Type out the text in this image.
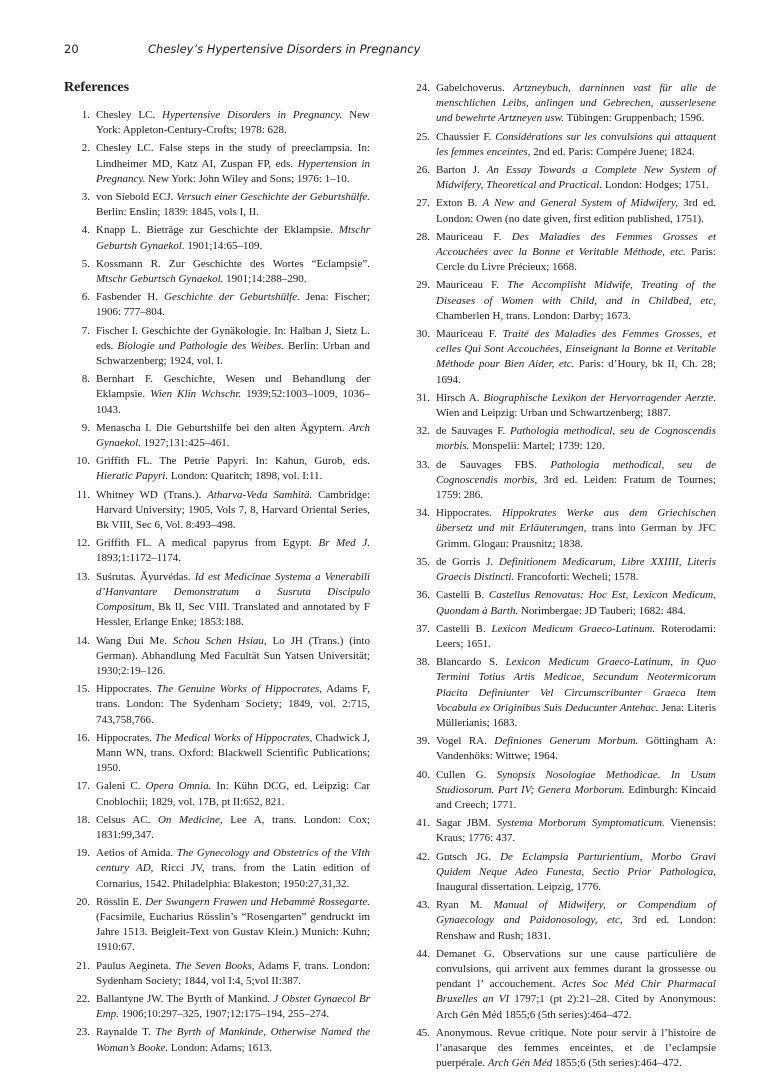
20	Chesley’s Hypertensive Disorders in Pregnancy
References
1. Chesley LC. Hypertensive Disorders in Pregnancy. New York: Appleton-Century-Crofts; 1978: 628.
2. Chesley LC. False steps in the study of preeclampsia. In: Lindheimer MD, Katz AI, Zuspan FP, eds. Hypertension in Pregnancy. New York: John Wiley and Sons; 1976: 1–10.
3. von Siebold ECJ. Versuch einer Geschichte der Geburtshülfe. Berlin: Enslin; 1839: 1845, vols I, II.
4. Knapp L. Bieträge zur Geschichte der Eklampsie. Mtschr Geburtsh Gynaekol. 1901;14:65–109.
5. Kossmann R. Zur Geschichte des Wortes “Eclampsie”. Mtschr Geburtsch Gynaekol. 1901;14:288–290.
6. Fasbender H. Geschichte der Geburtshülfe. Jena: Fischer; 1906: 777–804.
7. Fischer I. Geschichte der Gynäkologie. In: Halban J, Sietz L. eds. Biologie und Pathologie des Weibes. Berlin: Urban and Schwarzenberg; 1924, vol. I.
8. Bernhart F. Geschichte, Wesen und Behandlung der Eklampsie. Wien Klin Wchschr. 1939;52:1003–1009, 1036–1043.
9. Menascha I. Die Geburtshilfe bei den alten Ägyptern. Arch Gynaekol. 1927;131:425–461.
10. Griffith FL. The Petrie Papyri. In: Kahun, Gurob, eds. Hieratic Papyri. London: Quaritch; 1898, vol. I:11.
11. Whitney WD (Trans.). Atharva-Veda Samhitä. Cambridge: Harvard University; 1905, Vols 7, 8, Harvard Oriental Series, Bk VIII, Sec 6, Vol. 8:493–498.
12. Griffith FL. A medical papyrus from Egypt. Br Med J. 1893;1:1172–1174.
13. Suśrutas. Ăyurvédas. Id est Medicinae Systema a Venerabili d’Hanvantare Demonstratum a Susruta Discipulo Compositum, Bk II, Sec VIII. Translated and annotated by F Hessler, Erlange Enke; 1853:188.
14. Wang Dui Me. Schou Schen Hsiau, Lo JH (Trans.) (into German). Abhandlung Med Facultät Sun Yatsen Universität; 1930;2:19–126.
15. Hippocrates. The Genuine Works of Hippocrates, Adams F, trans. London: The Sydenham Society; 1849, vol. 2:715, 743,758,766.
16. Hippocrates. The Medical Works of Hippocrates, Chadwick J, Mann WN, trans. Oxford: Blackwell Scientific Publications; 1950.
17. Galeni C. Opera Omnia. In: Kühn DCG, ed. Leipzig: Car Cnoblochii; 1829, vol. 17B, pt II:652, 821.
18. Celsus AC. On Medicine, Lee A, trans. London: Cox; 1831:99,347.
19. Aetios of Amida. The Gynecology and Obstetrics of the VIth century AD, Ricci JV, trans. from the Latin edition of Cornarius, 1542. Philadelphia: Blakeston; 1950:27,31,32.
20. Rösslin E. Der Swangern Frawen und Hebammè Rossegarte. (Facsimile, Eucharius Rösslin’s “Rosengarten” gendruckt im Jahre 1513. Beigleit-Text von Gustav Klein.) Munich: Kuhn; 1910:67.
21. Paulus Aegineta. The Seven Books, Adams F, trans. London: Sydenham Society; 1844, vol I:4, 5;vol II:387.
22. Ballantyne JW. The Byrth of Mankind. J Obstet Gynaecol Br Emp. 1906;10:297–325, 1907;12:175–194, 255–274.
23. Raynalde T. The Byrth of Mankinde, Otherwise Named the Woman’s Booke. London: Adams; 1613.
24. Gabelchoverus. Artzneybuch, darninnen vast für alle de menschlichen Leibs, anlingen und Gebrechen, ausserlesene und bewehrte Artzneyen usw. Tübingen: Gruppenbach; 1596.
25. Chaussier F. Considérations sur les convulsions qui attaquent les femmes enceintes, 2nd ed. Paris: Compére Juene; 1824.
26. Barton J. An Essay Towards a Complete New System of Midwifery, Theoretical and Practical. London: Hodges; 1751.
27. Exton B. A New and General System of Midwifery, 3rd ed. London: Owen (no date given, first edition published, 1751).
28. Mauriceau F. Des Maladies des Femmes Grosses et Accouchées avec la Bonne et Veritable Méthode, etc. Paris: Cercle du Livre Précieux; 1668.
29. Mauriceau F. The Accomplisht Midwife, Treating of the Diseases of Women with Child, and in Childbed, etc, Chamberlen H, trans. London: Darby; 1673.
30. Mauriceau F. Traité des Maladies des Femmes Grosses, et celles Qui Sont Accouchées, Einseignant la Bonne et Veritable Méthode pour Bien Aider, etc. Paris: d’Houry, bk II, Ch. 28; 1694.
31. Hirsch A. Biographische Lexikon der Hervorragender Aerzte. Wien and Leipzig: Urban und Schwartzenberg; 1887.
32. de Sauvages F. Pathologia methodical, seu de Cognoscendis morbis. Monspelii: Martel; 1739: 120.
33. de Sauvages FBS. Pathologia methodical, seu de Cognoscendis morbis, 3rd ed. Leiden: Fratum de Tournes; 1759: 286.
34. Hippocrates. Hippokrates Werke aus dem Griechischen übersetz und mit Erläuterungen, trans into German by JFC Grimm. Glogau: Prausnitz; 1838.
35. de Gorris J. Definitionem Medicarum, Libre XXIIII, Literis Graecis Distincti. Francoforti: Wecheli; 1578.
36. Castelli B. Castellus Renovatus: Hoc Est, Lexicon Medicum, Quondam à Barth. Norimbergae: JD Tauberi; 1682: 484.
37. Castelli B. Lexicon Medicum Graeco-Latinum. Roterodami: Leers; 1651.
38. Blancardo S. Lexicon Medicum Graeco-Latinum, in Quo Termini Totius Artis Medicae, Secundum Neotermicorum Placita Definiunter Vel Circumscribunter Graeca Item Vocabula ex Originibus Suis Deducunter Antehac. Jena: Literis Müllerianis; 1683.
39. Vogel RA. Definiones Generum Morbum. Göttingham A: Vandenhöks: Wittwe; 1964.
40. Cullen G. Synopsis Nosologiae Methodicae. In Usum Studiosorum. Part IV; Genera Morborum. Edinburgh: Kincaid and Creech; 1771.
41. Sagar JBM. Systema Morborum Symptomaticum. Vienensis: Kraus; 1776: 437.
42. Gutsch JG. De Eclampsia Parturientium, Morbo Gravi Quidem Neque Adeo Funesta, Sectio Prior Pathologica, Inaugural dissertation. Leipzig, 1776.
43. Ryan M. Manual of Midwifery, or Compendium of Gynaecology and Paidonosology, etc, 3rd ed. London: Renshaw and Rush; 1831.
44. Demanet G. Observations sur une cause particulière de convulsions, qui arrivent aux femmes durant la grossesse ou pendant l’ accouchement. Actes Soc Méd Chir Pharmacal Bruxelles an VI 1797;1 (pt 2):21–28. Cited by Anonymous: Arch Gén Méd 1855;6 (5th series):464–472.
45. Anonymous. Revue critique. Note pour servir à l’histoire de l’anasarque des femmes enceintes, et de l’eclampsie puerpérale. Arch Gén Méd 1855;6 (5th series):464–472.
